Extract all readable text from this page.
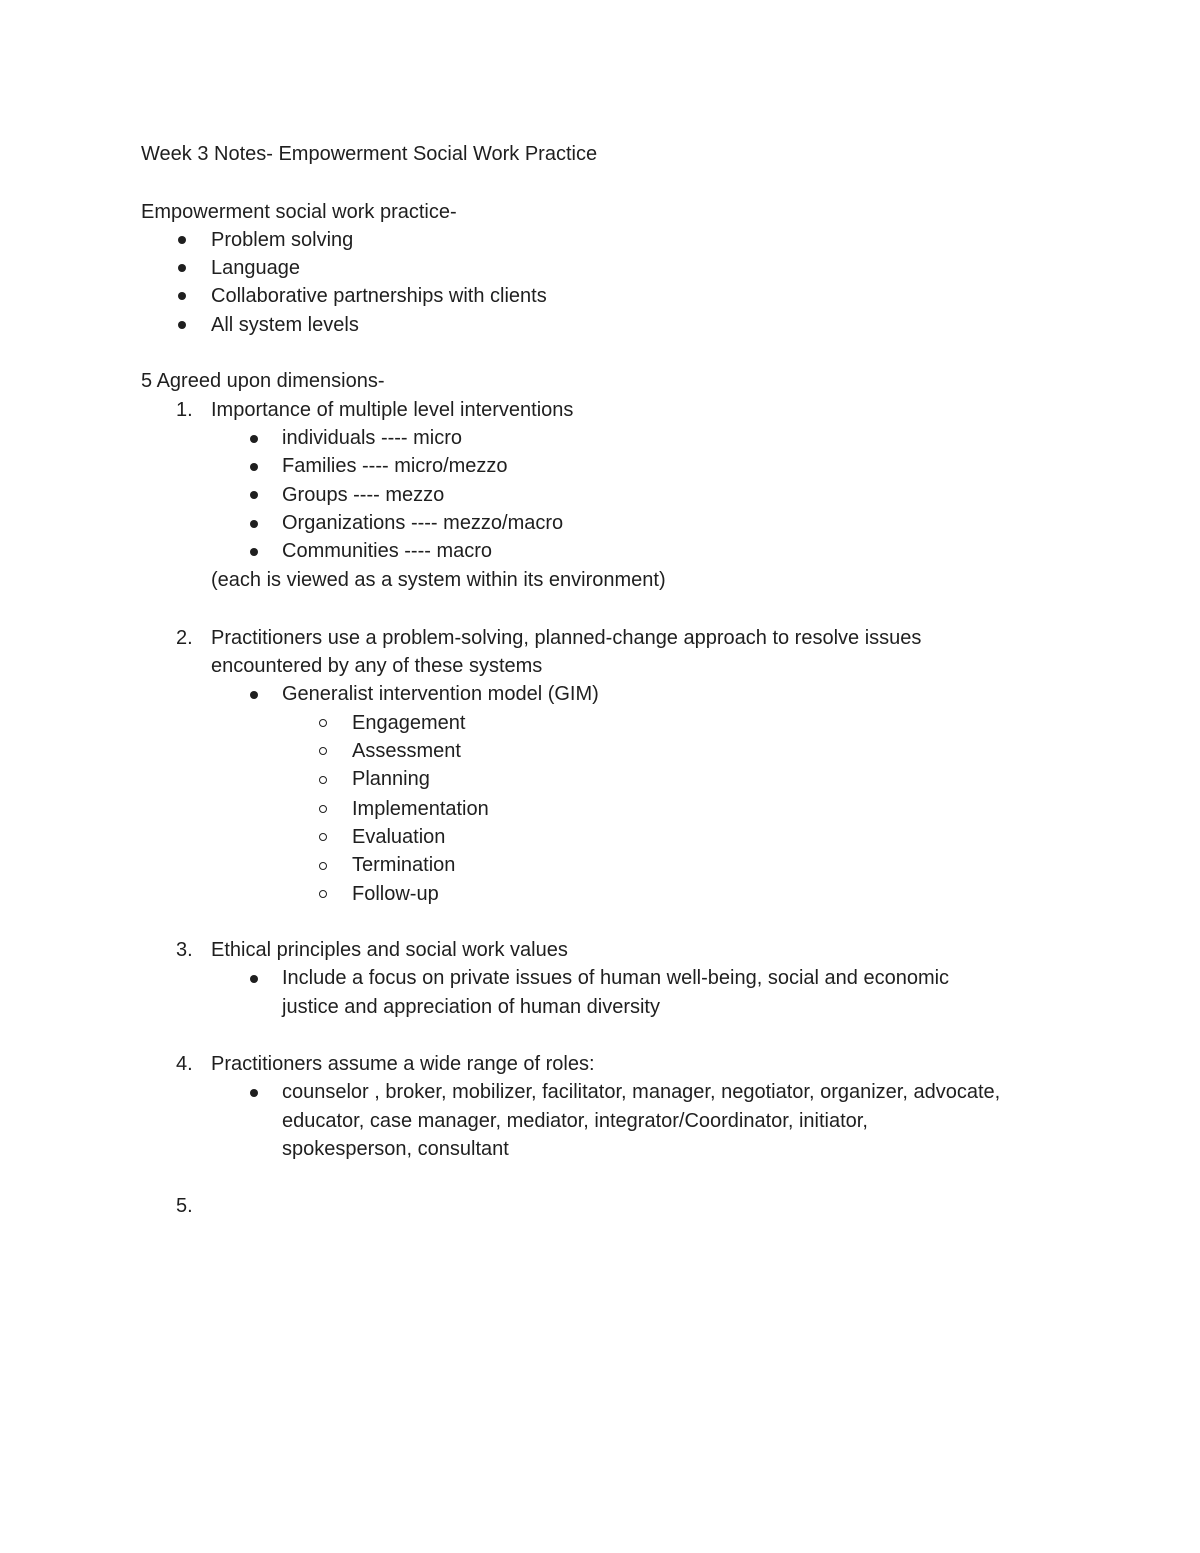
Week 3 Notes- Empowerment Social Work Practice
Empowerment social work practice-
Problem solving
Language
Collaborative partnerships with clients
All system levels
5 Agreed upon dimensions-
1. Importance of multiple level interventions
individuals ---- micro
Families ---- micro/mezzo
Groups ---- mezzo
Organizations ---- mezzo/macro
Communities ---- macro
(each is viewed as a system within its environment)
2. Practitioners use a problem-solving, planned-change approach to resolve issues
encountered by any of these systems
Generalist intervention model (GIM)
Engagement
Assessment
Planning
Implementation
Evaluation
Termination
Follow-up
3. Ethical principles and social work values
Include a focus on private issues of human well-being, social and economic
justice and appreciation of human diversity
4. Practitioners assume a wide range of roles:
counselor , broker, mobilizer, facilitator, manager, negotiator, organizer, advocate,
educator, case manager, mediator, integrator/Coordinator, initiator,
spokesperson, consultant
5.
